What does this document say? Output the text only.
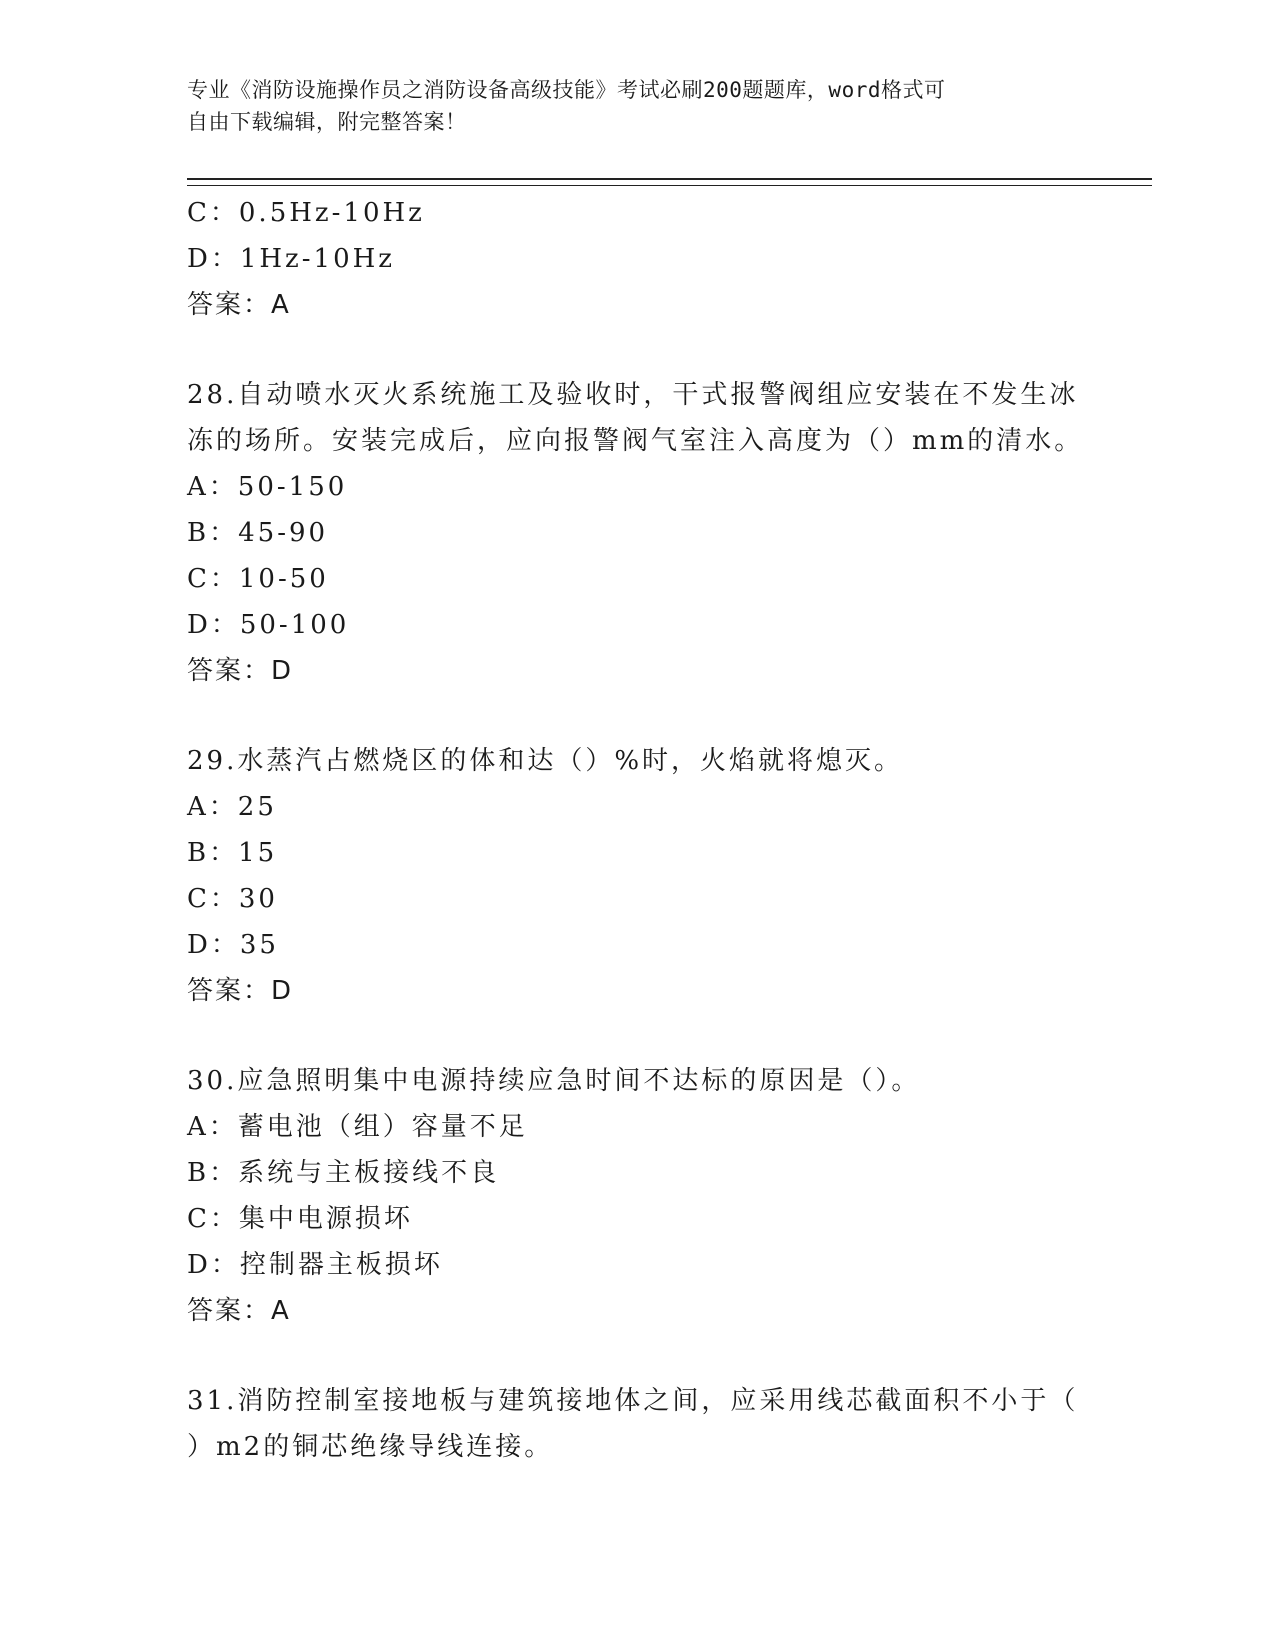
专业《消防设施操作员之消防设备高级技能》考试必刷200题题库，word格式可
自由下载编辑，附完整答案！
C：0.5Hz-10Hz
D：1Hz-10Hz
答案：A
28.自动喷水灭火系统施工及验收时，干式报警阀组应安装在不发生冰
冻的场所。安装完成后，应向报警阀气室注入高度为（）mm的清水。
A：50-150
B：45-90
C：10-50
D：50-100
答案：D
29.水蒸汽占燃烧区的体和达（）%时，火焰就将熄灭。
A：25
B：15
C：30
D：35
答案：D
30.应急照明集中电源持续应急时间不达标的原因是（）。
A：蓄电池（组）容量不足
B：系统与主板接线不良
C：集中电源损坏
D：控制器主板损坏
答案：A
31.消防控制室接地板与建筑接地体之间，应采用线芯截面积不小于（
）m2的铜芯绝缘导线连接。
